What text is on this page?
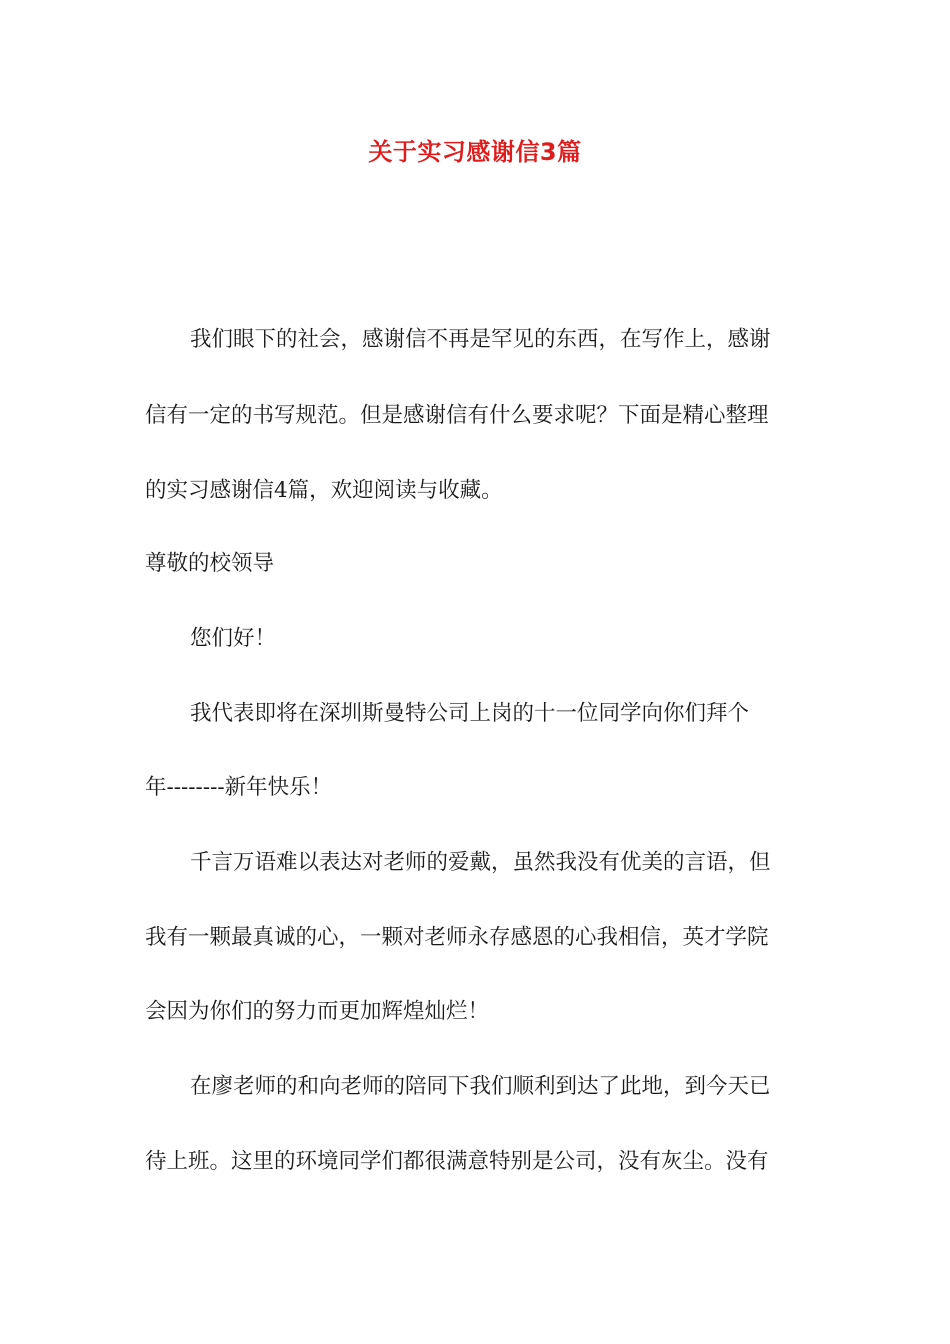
关于实习感谢信3篇
我们眼下的社会，感谢信不再是罕见的东西，在写作上，感谢
信有一定的书写规范。但是感谢信有什么要求呢？下面是精心整理
的实习感谢信4篇，欢迎阅读与收藏。
尊敬的校领导
您们好！
我代表即将在深圳斯曼特公司上岗的十一位同学向你们拜个
年--------新年快乐！
千言万语难以表达对老师的爱戴，虽然我没有优美的言语，但
我有一颗最真诚的心，一颗对老师永存感恩的心我相信，英才学院
会因为你们的努力而更加辉煌灿烂！
在廖老师的和向老师的陪同下我们顺利到达了此地，到今天已
待上班。这里的环境同学们都很满意特别是公司，没有灰尘。没有
